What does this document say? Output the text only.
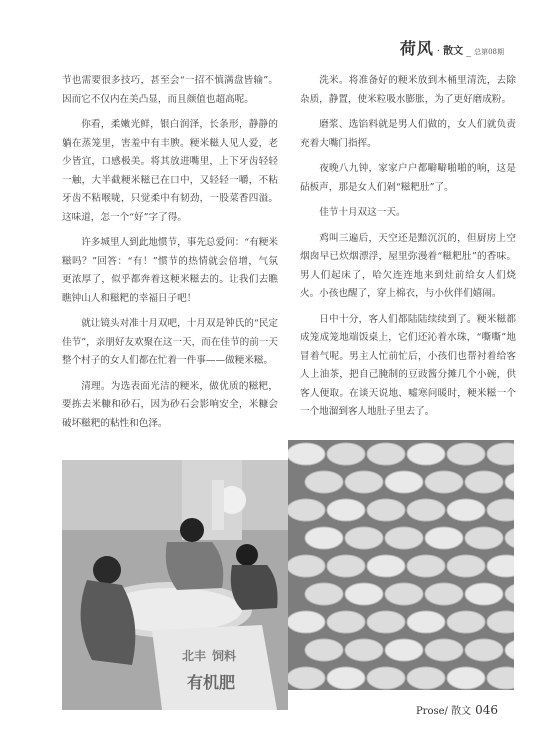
荷风 · 散文 _ 总第08期

节也需要很多技巧，甚至会“一招不慎满盘皆输”。因而它不仅内在美凸显，而且颜值也超高呢。

你看，柔嫩光鲜，银白润泽，长条形，静静的躺在蒸笼里，害羞中有丰腴。粳米糍人见人爱，老少皆宜，口感极美。将其放进嘴里，上下牙齿轻轻一触，大半截粳米糍已在口中，又轻轻一嚼，不粘牙齿不粘喉咙，只觉柔中有韧劲，一股菜香四溢。这味道，怎一个“好”字了得。

许多城里人到此地惯节，事先总爱问：“有粳米糍吗？”回答：“有！”惯节的热情就会倍增，气氛更浓厚了，似乎都奔着这粳米糍去的。让我们去瞧瞧钟山人和糍粑的幸福日子吧！

就让镜头对准十月双吧，十月双是钟氏的“民定佳节”，亲朋好友欢聚在这一天，而在佳节的前一天整个村子的女人们都在忙着一件事——做粳米糍。

清理。为选表面光洁的粳米，做优质的糍粑，要拣去米糠和砂石，因为砂石会影响安全，米糠会破坏糍粑的粘性和色泽。

洗米。将准备好的粳米放到木桶里清洗，去除杂质，静置，使米粒吸水膨胀，为了更好磨成粉。

磨浆、选馅料就是男人们做的，女人们就负责充着大嘴门指挥。

夜晚八九钟，家家户户都噼噼啪啪的响，这是砧板声，那是女人们剁“糍粑肚”了。

佳节十月双这一天。

鸡叫三遍后，天空还是黯沉沉的，但厨房上空烟囱早已炊烟漂浮，屋里弥漫着“糍粑肚”的香味。男人们起床了，哈欠连连地来到灶前给女人们烧火。小孩也醒了，穿上棉衣，与小伙伴们嬉闹。

日中十分，客人们都陆陆续续到了。粳米糍都成笼成笼地端饭桌上，它们还沁着水珠，“嘶嘶”地冒着气呢。男主人忙前忙后，小孩们也帮衬着给客人上油茶，把自己腌制的豆豉酱分摊几个小碗，供客人便取。在谈天说地、嘘寒问暖时，粳米糍一个一个地溜到客人地肚子里去了。

北丰 饲料
有机肥
Prose/ 散文 046
